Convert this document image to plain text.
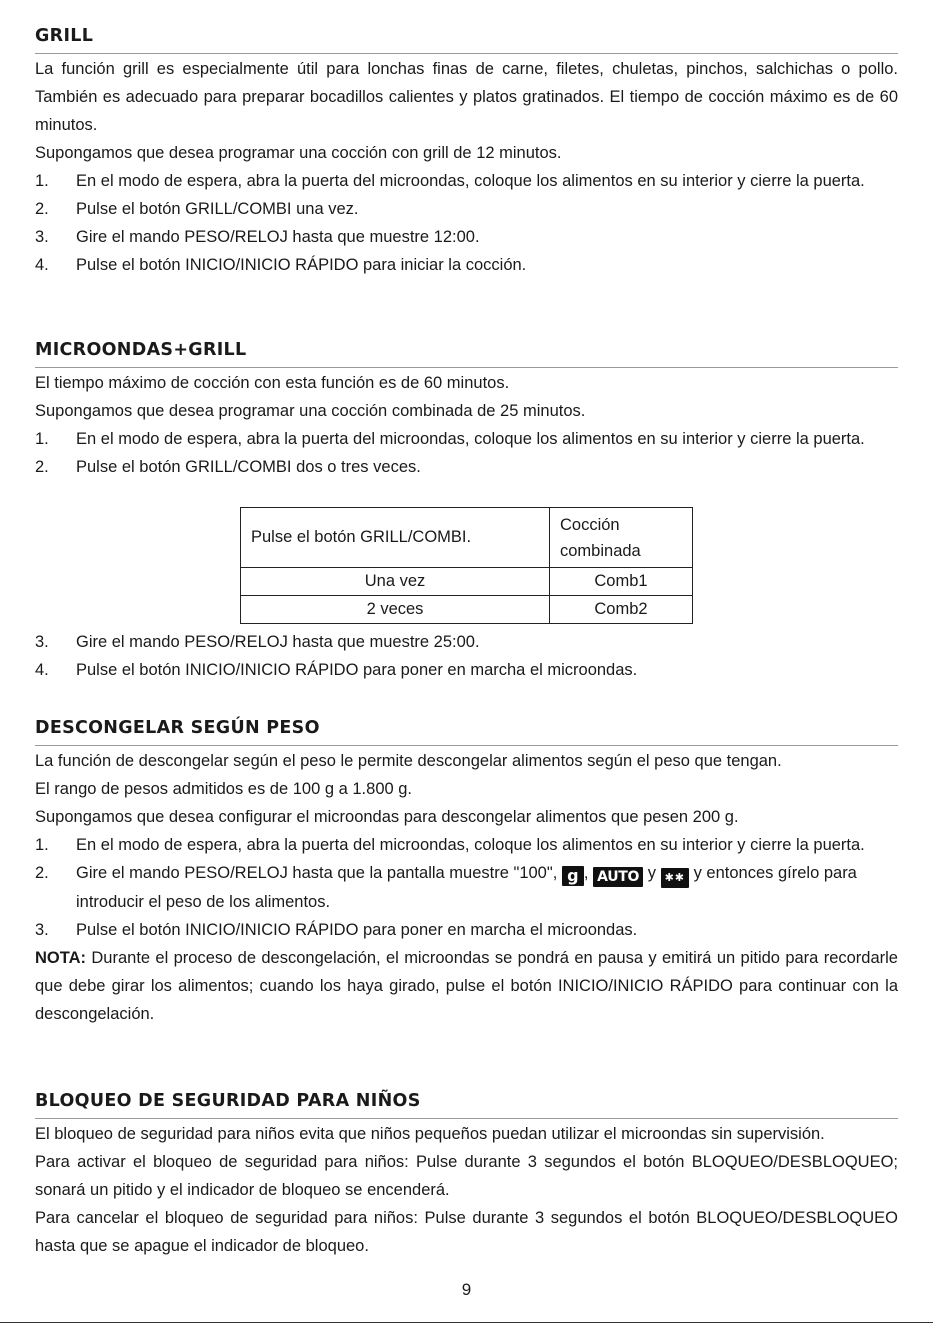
GRILL

La función grill es especialmente útil para lonchas finas de carne, filetes, chuletas, pinchos, salchichas o pollo. También es adecuado para preparar bocadillos calientes y platos gratinados. El tiempo de cocción máximo es de 60 minutos.

Supongamos que desea programar una cocción con grill de 12 minutos.

1.	En el modo de espera, abra la puerta del microondas, coloque los alimentos en su interior y cierre la puerta.
2.	Pulse el botón GRILL/COMBI una vez.
3.	Gire el mando PESO/RELOJ hasta que muestre 12:00.
4.	Pulse el botón INICIO/INICIO RÁPIDO para iniciar la cocción.
MICROONDAS+GRILL

El tiempo máximo de cocción con esta función es de 60 minutos.

Supongamos que desea programar una cocción combinada de 25 minutos.

1.	En el modo de espera, abra la puerta del microondas, coloque los alimentos en su interior y cierre la puerta.
2.	Pulse el botón GRILL/COMBI dos o tres veces.
Pulse el botón GRILL/COMBI.	Cocción combinada
Una vez	Comb1
2 veces	Comb2
3.	Gire el mando PESO/RELOJ hasta que muestre 25:00.
4.	Pulse el botón INICIO/INICIO RÁPIDO para poner en marcha el microondas.
DESCONGELAR SEGÚN PESO

La función de descongelar según el peso le permite descongelar alimentos según el peso que tengan.

El rango de pesos admitidos es de 100 g a 1.800 g.

Supongamos que desea configurar el microondas para descongelar alimentos que pesen 200 g.

1.	En el modo de espera, abra la puerta del microondas, coloque los alimentos en su interior y cierre la puerta.
2.	Gire el mando PESO/RELOJ hasta que la pantalla muestre "100", g , AUTO y ✱✱ y entonces gírelo para introducir el peso de los alimentos.
3.	Pulse el botón INICIO/INICIO RÁPIDO para poner en marcha el microondas.

NOTA: Durante el proceso de descongelación, el microondas se pondrá en pausa y emitirá un pitido para recordarle que debe girar los alimentos; cuando los haya girado, pulse el botón INICIO/INICIO RÁPIDO para continuar con la descongelación.

BLOQUEO DE SEGURIDAD PARA NIÑOS

El bloqueo de seguridad para niños evita que niños pequeños puedan utilizar el microondas sin supervisión.

Para activar el bloqueo de seguridad para niños: Pulse durante 3 segundos el botón BLOQUEO/DESBLOQUEO; sonará un pitido y el indicador de bloqueo se encenderá.

Para cancelar el bloqueo de seguridad para niños: Pulse durante 3 segundos el botón BLOQUEO/DESBLOQUEO hasta que se apague el indicador de bloqueo.

9
